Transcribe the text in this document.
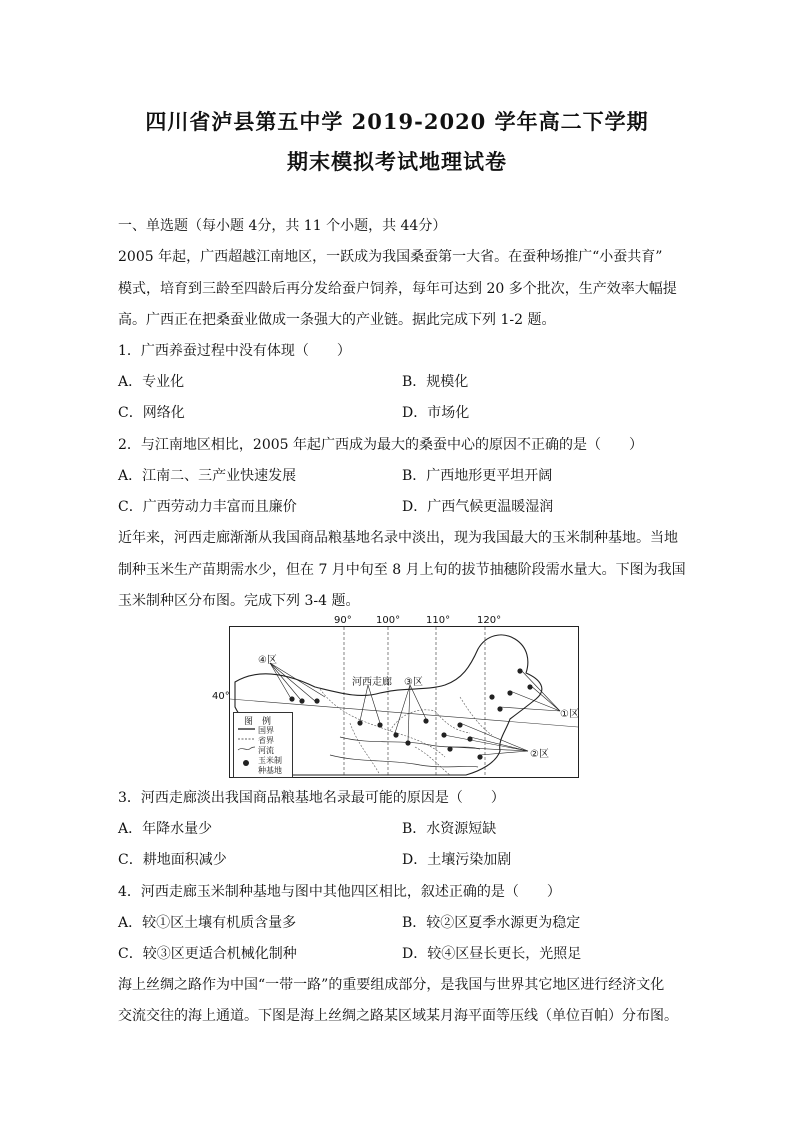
四川省泸县第五中学 2019-2020 学年高二下学期
期末模拟考试地理试卷
一、单选题（每小题 4分，共 11 个小题，共 44分）
2005 年起，广西超越江南地区，一跃成为我国桑蚕第一大省。在蚕种场推广“小蚕共育”
模式，培育到三龄至四龄后再分发给蚕户饲养，每年可达到 20 多个批次，生产效率大幅提
高。广西正在把桑蚕业做成一条强大的产业链。据此完成下列 1-2 题。
1．广西养蚕过程中没有体现（　　）
A．专业化	B．规模化
C．网络化	D．市场化
2．与江南地区相比，2005 年起广西成为最大的桑蚕中心的原因不正确的是（　　）
A．江南二、三产业快速发展	B．广西地形更平坦开阔
C．广西劳动力丰富而且廉价	D．广西气候更温暖湿润
近年来，河西走廊渐渐从我国商品粮基地名录中淡出，现为我国最大的玉米制种基地。当地
制种玉米生产苗期需水少，但在 7 月中旬至 8 月上旬的拔节抽穗阶段需水量大。下图为我国
玉米制种区分布图。完成下列 3-4 题。
90° 100°	110°	120°
40°
④区
河西走廊 ③区
①区
②区
图　例
国界
省界
河流
玉米制
种基地
3．河西走廊淡出我国商品粮基地名录最可能的原因是（　　）
A．年降水量少	B．水资源短缺
C．耕地面积减少	D．土壤污染加剧
4．河西走廊玉米制种基地与图中其他四区相比，叙述正确的是（　　）
A．较①区土壤有机质含量多	B．较②区夏季水源更为稳定
C．较③区更适合机械化制种	D．较④区昼长更长，光照足
海上丝绸之路作为中国“一带一路”的重要组成部分，是我国与世界其它地区进行经济文化
交流交往的海上通道。下图是海上丝绸之路某区域某月海平面等压线（单位百帕）分布图。
